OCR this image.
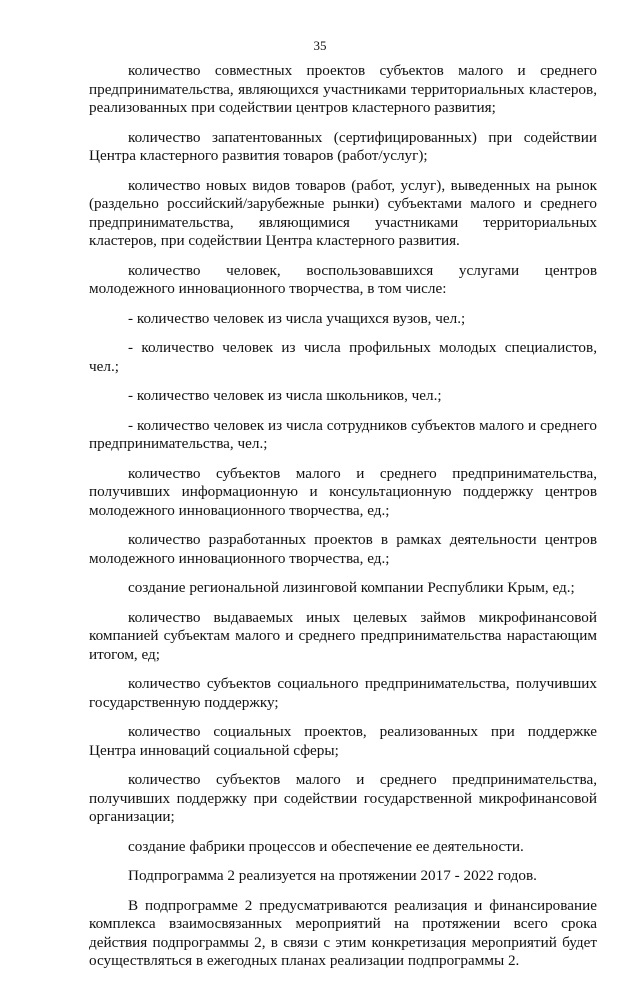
35

количество совместных проектов субъектов малого и среднего предпринимательства, являющихся участниками территориальных кластеров, реализованных при содействии центров кластерного развития;

количество запатентованных (сертифицированных) при содействии Центра кластерного развития товаров (работ/услуг);

количество новых видов товаров (работ, услуг), выведенных на рынок (раздельно российский/зарубежные рынки) субъектами малого и среднего предпринимательства, являющимися участниками территориальных кластеров, при содействии Центра кластерного развития.

количество человек, воспользовавшихся услугами центров молодежного инновационного творчества, в том числе:

- количество человек из числа учащихся вузов, чел.;

- количество человек из числа профильных молодых специалистов, чел.;

- количество человек из числа школьников, чел.;

- количество человек из числа сотрудников субъектов малого и среднего предпринимательства, чел.;

количество субъектов малого и среднего предпринимательства, получивших информационную и консультационную поддержку центров молодежного инновационного творчества, ед.;

количество разработанных проектов в рамках деятельности центров молодежного инновационного творчества, ед.;

создание региональной лизинговой компании Республики Крым, ед.;

количество выдаваемых иных целевых займов микрофинансовой компанией субъектам малого и среднего предпринимательства нарастающим итогом, ед;

количество субъектов социального предпринимательства, получивших государственную поддержку;

количество социальных проектов, реализованных при поддержке Центра инноваций социальной сферы;

количество субъектов малого и среднего предпринимательства, получивших поддержку при содействии государственной микрофинансовой организации;

создание фабрики процессов и обеспечение ее деятельности.

Подпрограмма 2 реализуется на протяжении 2017 - 2022 годов.

В подпрограмме 2 предусматриваются реализация и финансирование комплекса взаимосвязанных мероприятий на протяжении всего срока действия подпрограммы 2, в связи с этим конкретизация мероприятий будет осуществляться в ежегодных планах реализации подпрограммы 2.
